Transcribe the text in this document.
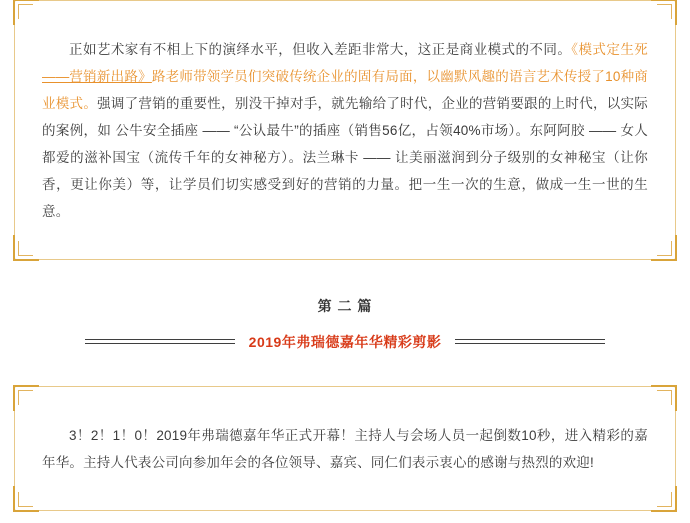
正如艺术家有不相上下的演绎水平，但收入差距非常大，这正是商业模式的不同。《模式定生死——营销新出路》路老师带领学员们突破传统企业的固有局面，以幽默风趣的语言艺术传授了10种商业模式。强调了营销的重要性，别没干掉对手，就先输给了时代，企业的营销要跟的上时代，以实际的案例，如 公牛安全插座 —— “公认最牛”的插座（销售56亿，占领40%市场）。东阿阿胶 —— 女人都爱的滋补国宝（流传千年的女神秘方）。法兰琳卡 —— 让美丽滋润到分子级别的女神秘宝（让你香，更让你美）等，让学员们切实感受到好的营销的力量。把一生一次的生意，做成一生一世的生意。

第 二 篇
2019年弗瑞德嘉年华精彩剪影

3！2！1！0！2019年弗瑞德嘉年华正式开幕！主持人与会场人员一起倒数10秒，进入精彩的嘉年华。主持人代表公司向参加年会的各位领导、嘉宾、同仁们表示衷心的感谢与热烈的欢迎!
